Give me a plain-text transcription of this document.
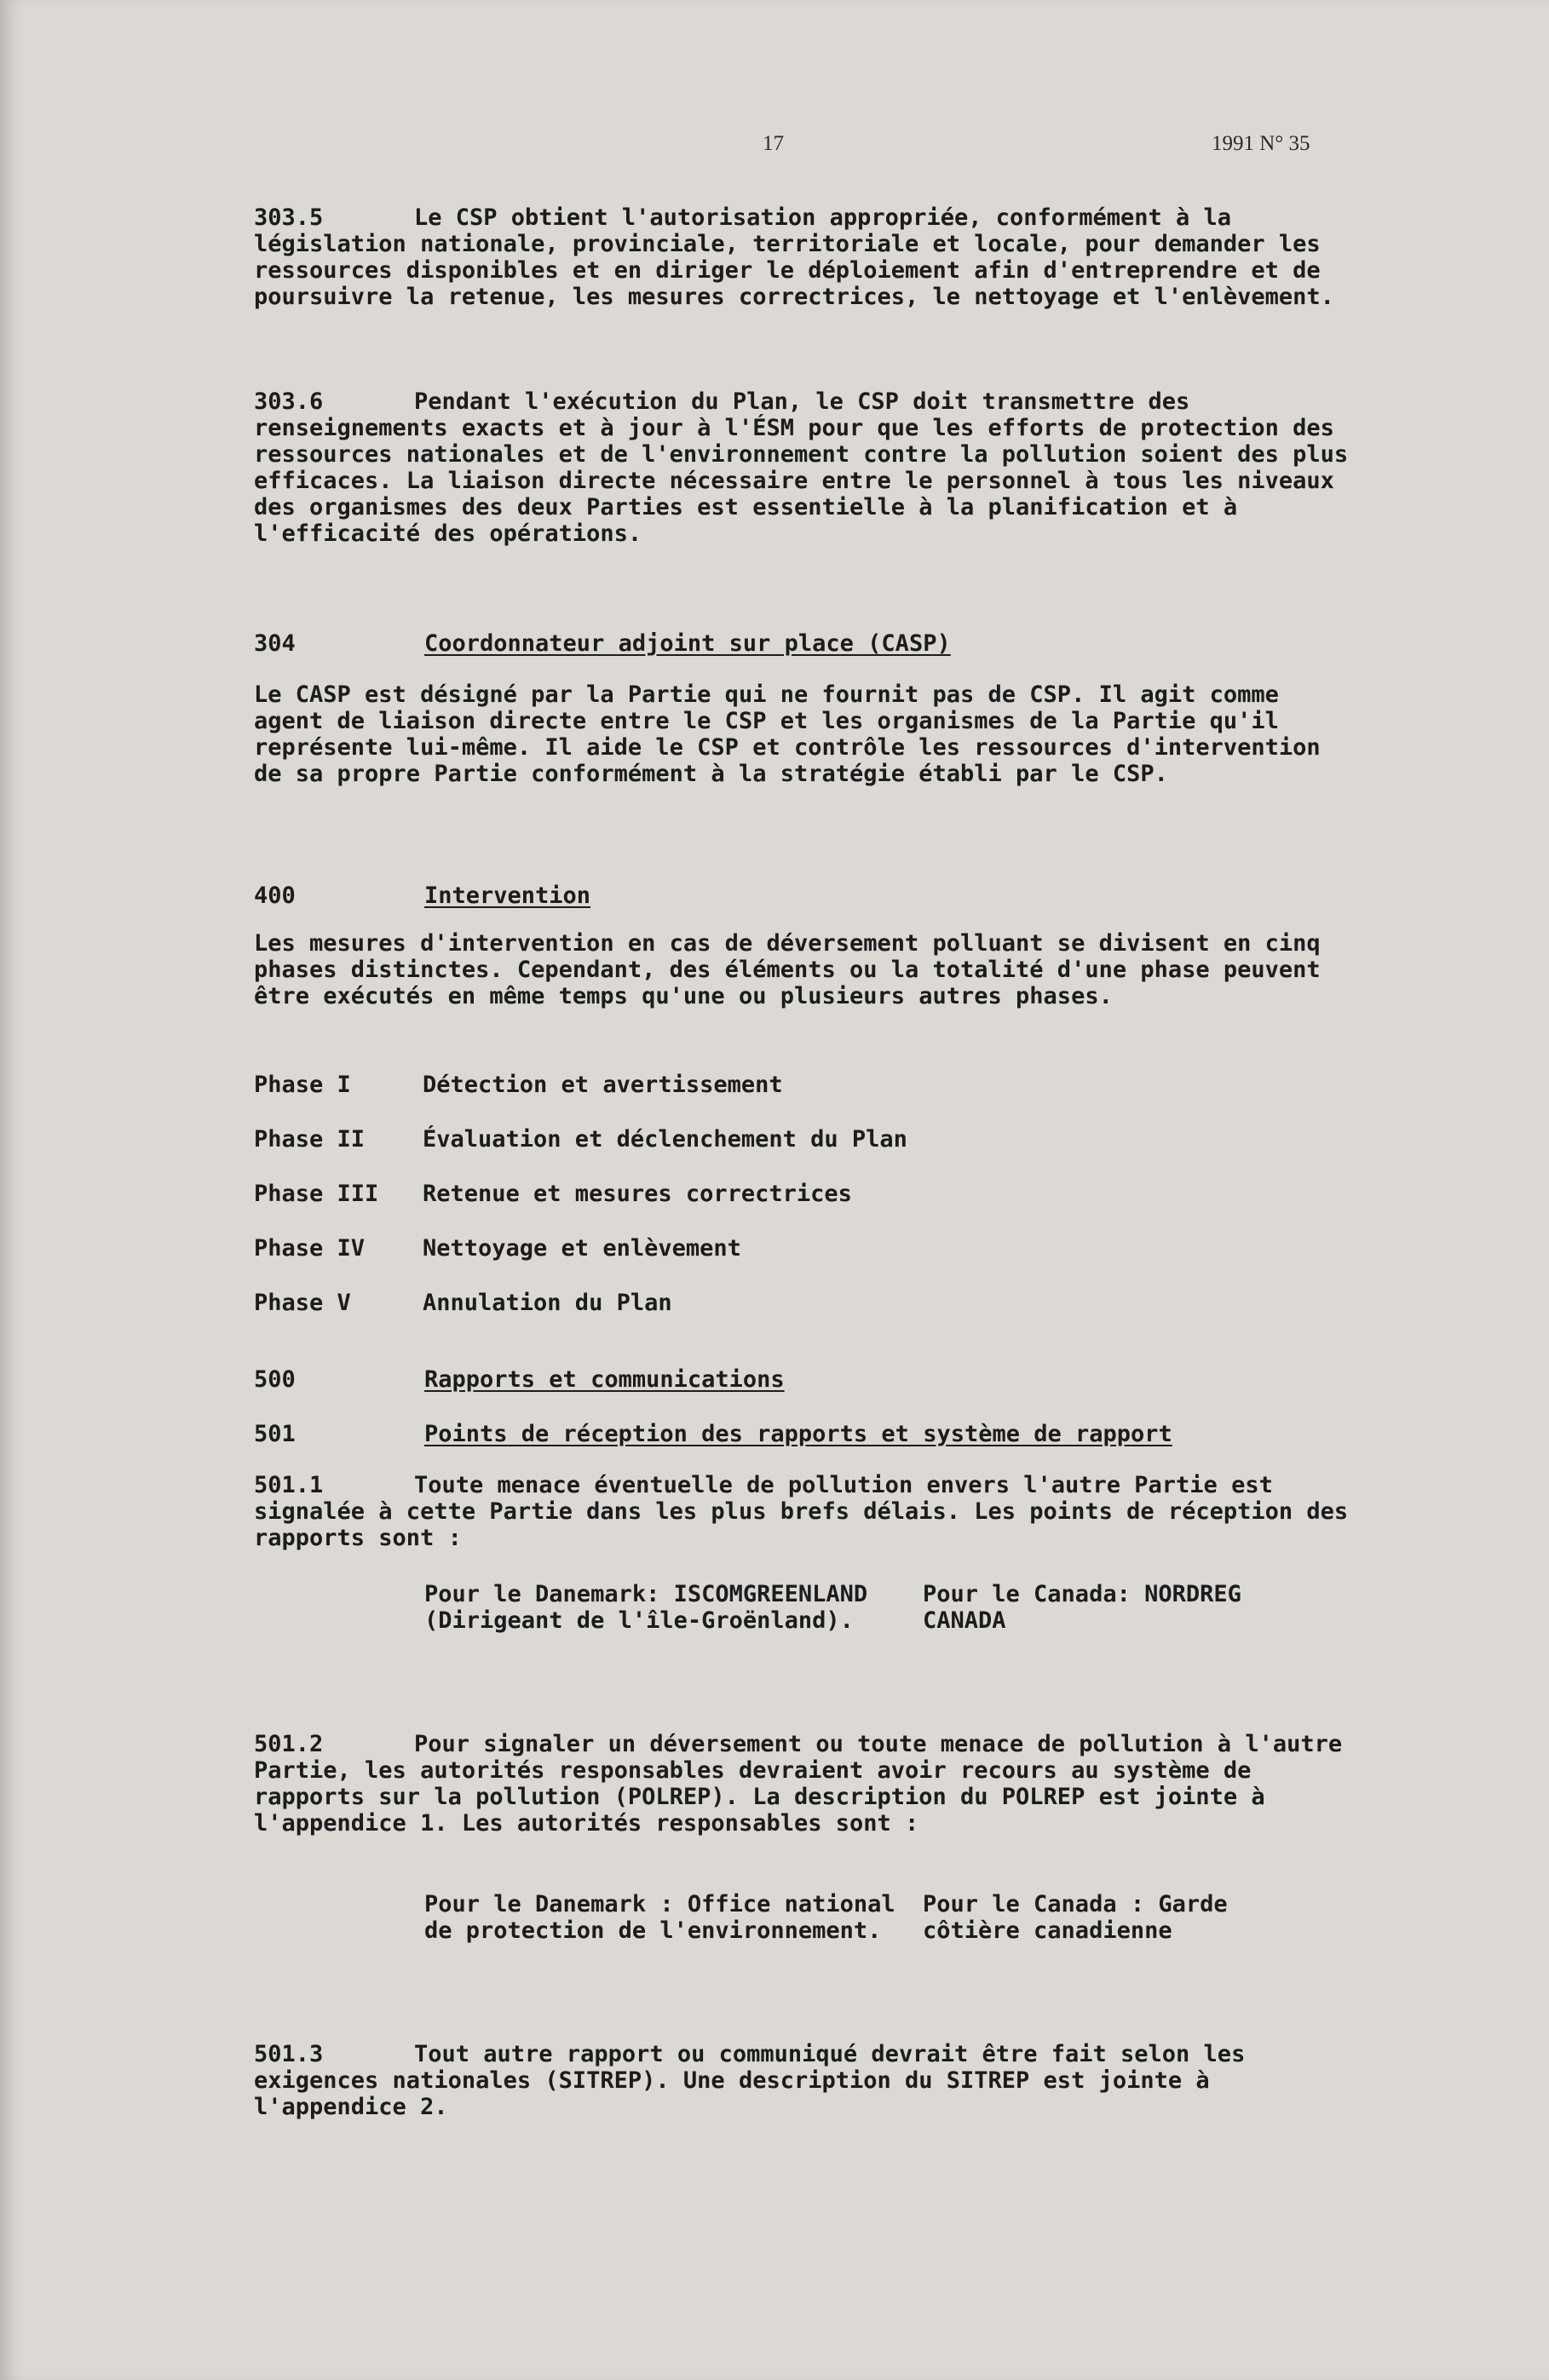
17	1991 N° 35

303.5	Le CSP obtient l'autorisation appropriée, conformément à la législation nationale, provinciale, territoriale et locale, pour demander les ressources disponibles et en diriger le déploiement afin d'entreprendre et de poursuivre la retenue, les mesures correctrices, le nettoyage et l'enlèvement.

303.6	Pendant l'exécution du Plan, le CSP doit transmettre des renseignements exacts et à jour à l'ÉSM pour que les efforts de protection des ressources nationales et de l'environnement contre la pollution soient des plus efficaces. La liaison directe nécessaire entre le personnel à tous les niveaux des organismes des deux Parties est essentielle à la planification et à l'efficacité des opérations.

304	Coordonnateur adjoint sur place (CASP)

Le CASP est désigné par la Partie qui ne fournit pas de CSP. Il agit comme agent de liaison directe entre le CSP et les organismes de la Partie qu'il représente lui-même. Il aide le CSP et contrôle les ressources d'intervention de sa propre Partie conformément à la stratégie établi par le CSP.

400	Intervention

Les mesures d'intervention en cas de déversement polluant se divisent en cinq phases distinctes. Cependant, des éléments ou la totalité d'une phase peuvent être exécutés en même temps qu'une ou plusieurs autres phases.

Phase I	Détection et avertissement

Phase II	Évaluation et déclenchement du Plan

Phase III	Retenue et mesures correctrices

Phase IV	Nettoyage et enlèvement

Phase V	Annulation du Plan

500	Rapports et communications
501	Points de réception des rapports et système de rapport

501.1	Toute menace éventuelle de pollution envers l'autre Partie est signalée à cette Partie dans les plus brefs délais. Les points de réception des rapports sont :

Pour le Danemark: ISCOMGREENLAND (Dirigeant de l'île-Groënland).

Pour le Canada: NORDREG CANADA

501.2	Pour signaler un déversement ou toute menace de pollution à l'autre Partie, les autorités responsables devraient avoir recours au système de rapports sur la pollution (POLREP). La description du POLREP est jointe à l'appendice 1. Les autorités responsables sont :

Pour le Danemark : Office national de protection de l'environnement.

Pour le Canada : Garde côtière canadienne

501.3	Tout autre rapport ou communiqué devrait être fait selon les exigences nationales (SITREP). Une description du SITREP est jointe à l'appendice 2.
